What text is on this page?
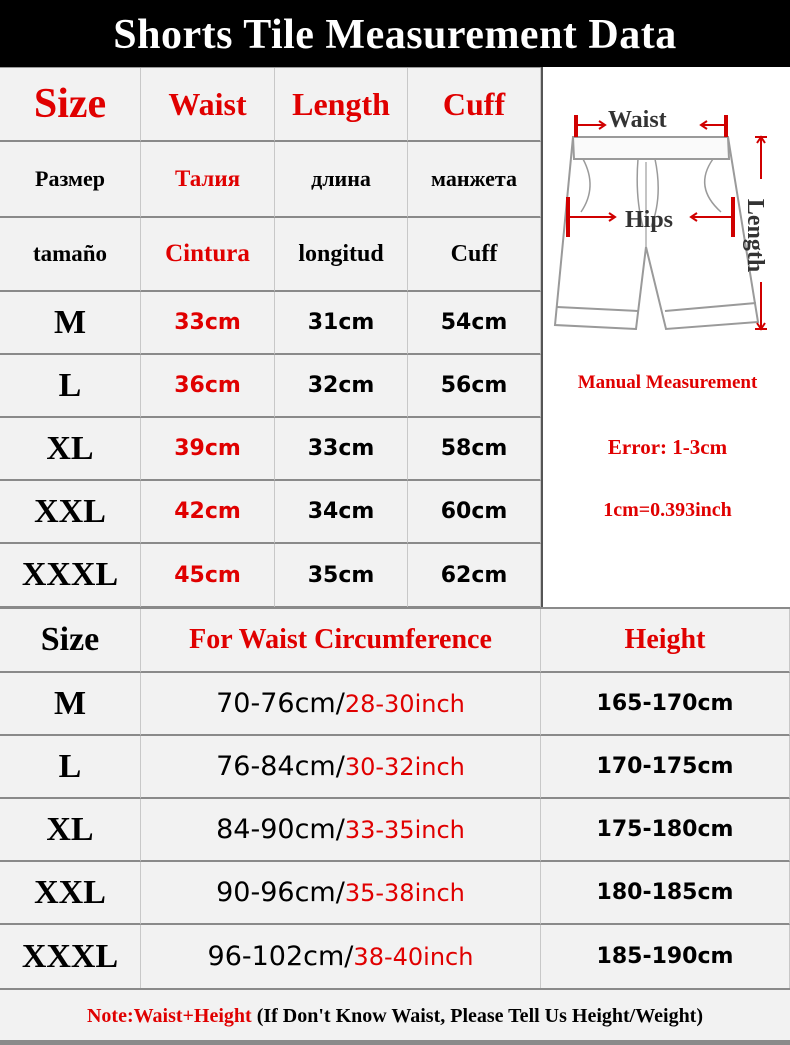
Shorts Tile Measurement Data
Size	Waist	Length	Cuff
Размер	Талия	длина	манжета
tamaño	Cintura	longitud	Cuff
M	33cm	31cm	54cm
L	36cm	32cm	56cm
XL	39cm	33cm	58cm
XXL	42cm	34cm	60cm
XXXL	45cm	35cm	62cm
Waist
Hips	Length
Manual Measurement
Error: 1-3cm
1cm=0.393inch
Size	For Waist Circumference	Height
M	70-76cm/ 28-30inch	165-170cm
L	76-84cm/ 30-32inch	170-175cm
XL	84-90cm/ 33-35inch	175-180cm
XXL	90-96cm/ 35-38inch	180-185cm
XXXL	96-102cm/ 38-40inch	185-190cm
Note: Waist+Height (If Don't Know Waist, Please Tell Us Height/Weight)
